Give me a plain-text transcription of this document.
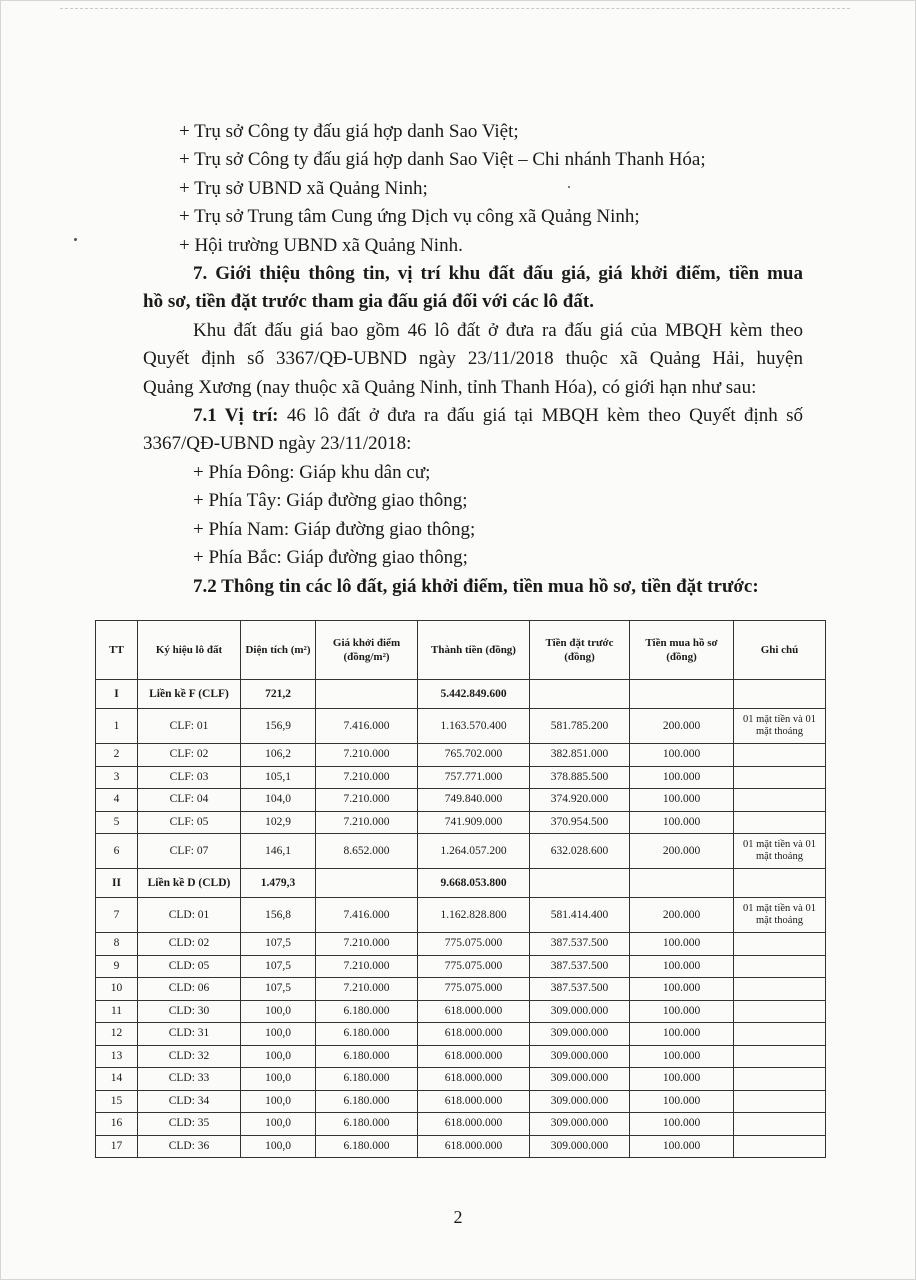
+ Trụ sở Công ty đấu giá hợp danh Sao Việt;
+ Trụ sở Công ty đấu giá hợp danh Sao Việt – Chi nhánh Thanh Hóa;
+ Trụ sở UBND xã Quảng Ninh;
+ Trụ sở Trung tâm Cung ứng Dịch vụ công xã Quảng Ninh;
+ Hội trường UBND xã Quảng Ninh.
7. Giới thiệu thông tin, vị trí khu đất đấu giá, giá khởi điểm, tiền mua
hồ sơ, tiền đặt trước tham gia đấu giá đối với các lô đất.
Khu đất đấu giá bao gồm 46 lô đất ở đưa ra đấu giá của MBQH kèm theo
Quyết định số 3367/QĐ-UBND ngày 23/11/2018 thuộc xã Quảng Hải, huyện
Quảng Xương (nay thuộc xã Quảng Ninh, tỉnh Thanh Hóa), có giới hạn như sau:
7.1 Vị trí: 46 lô đất ở đưa ra đấu giá tại MBQH kèm theo Quyết định số
3367/QĐ-UBND ngày 23/11/2018:
+ Phía Đông: Giáp khu dân cư;
+ Phía Tây: Giáp đường giao thông;
+ Phía Nam: Giáp đường giao thông;
+ Phía Bắc: Giáp đường giao thông;
7.2 Thông tin các lô đất, giá khởi điểm, tiền mua hồ sơ, tiền đặt trước:
TT	Ký hiệu lô đất	Diện tích (m²)	Giá khởi điểm (đồng/m²)	Thành tiền (đồng)	Tiền đặt trước (đồng)	Tiền mua hồ sơ (đồng)	Ghi chú
I	Liền kề F (CLF)	721,2		5.442.849.600			
1	CLF: 01	156,9	7.416.000	1.163.570.400	581.785.200	200.000	01 mặt tiền và 01 mặt thoáng
2	CLF: 02	106,2	7.210.000	765.702.000	382.851.000	100.000	
3	CLF: 03	105,1	7.210.000	757.771.000	378.885.500	100.000	
4	CLF: 04	104,0	7.210.000	749.840.000	374.920.000	100.000	
5	CLF: 05	102,9	7.210.000	741.909.000	370.954.500	100.000	
6	CLF: 07	146,1	8.652.000	1.264.057.200	632.028.600	200.000	01 mặt tiền và 01 mặt thoáng
II	Liền kề D (CLD)	1.479,3		9.668.053.800			
7	CLD: 01	156,8	7.416.000	1.162.828.800	581.414.400	200.000	01 mặt tiền và 01 mặt thoáng
8	CLD: 02	107,5	7.210.000	775.075.000	387.537.500	100.000	
9	CLD: 05	107,5	7.210.000	775.075.000	387.537.500	100.000	
10	CLD: 06	107,5	7.210.000	775.075.000	387.537.500	100.000	
11	CLD: 30	100,0	6.180.000	618.000.000	309.000.000	100.000	
12	CLD: 31	100,0	6.180.000	618.000.000	309.000.000	100.000	
13	CLD: 32	100,0	6.180.000	618.000.000	309.000.000	100.000	
14	CLD: 33	100,0	6.180.000	618.000.000	309.000.000	100.000	
15	CLD: 34	100,0	6.180.000	618.000.000	309.000.000	100.000	
16	CLD: 35	100,0	6.180.000	618.000.000	309.000.000	100.000	
17	CLD: 36	100,0	6.180.000	618.000.000	309.000.000	100.000	
2
